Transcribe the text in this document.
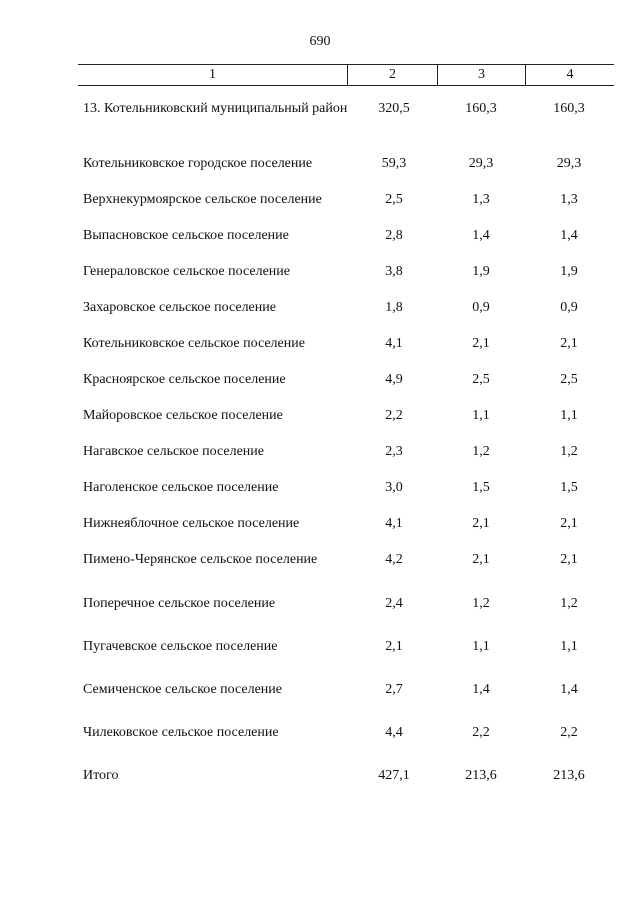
690
1	2	3	4
13. Котельниковский муниципальный район	320,5	160,3	160,3
Котельниковское городское поселение	59,3	29,3	29,3
Верхнекурмоярское сельское поселение	2,5	1,3	1,3
Выпасновское сельское поселение	2,8	1,4	1,4
Генераловское сельское поселение	3,8	1,9	1,9
Захаровское сельское поселение	1,8	0,9	0,9
Котельниковское сельское поселение	4,1	2,1	2,1
Красноярское сельское поселение	4,9	2,5	2,5
Майоровское сельское поселение	2,2	1,1	1,1
Нагавское сельское поселение	2,3	1,2	1,2
Наголенское сельское поселение	3,0	1,5	1,5
Нижнеяблочное сельское поселение	4,1	2,1	2,1
Пимено-Черянское сельское поселение	4,2	2,1	2,1
Поперечное сельское поселение	2,4	1,2	1,2
Пугачевское сельское поселение	2,1	1,1	1,1
Семиченское сельское поселение	2,7	1,4	1,4
Чилековское сельское поселение	4,4	2,2	2,2
Итого	427,1	213,6	213,6
